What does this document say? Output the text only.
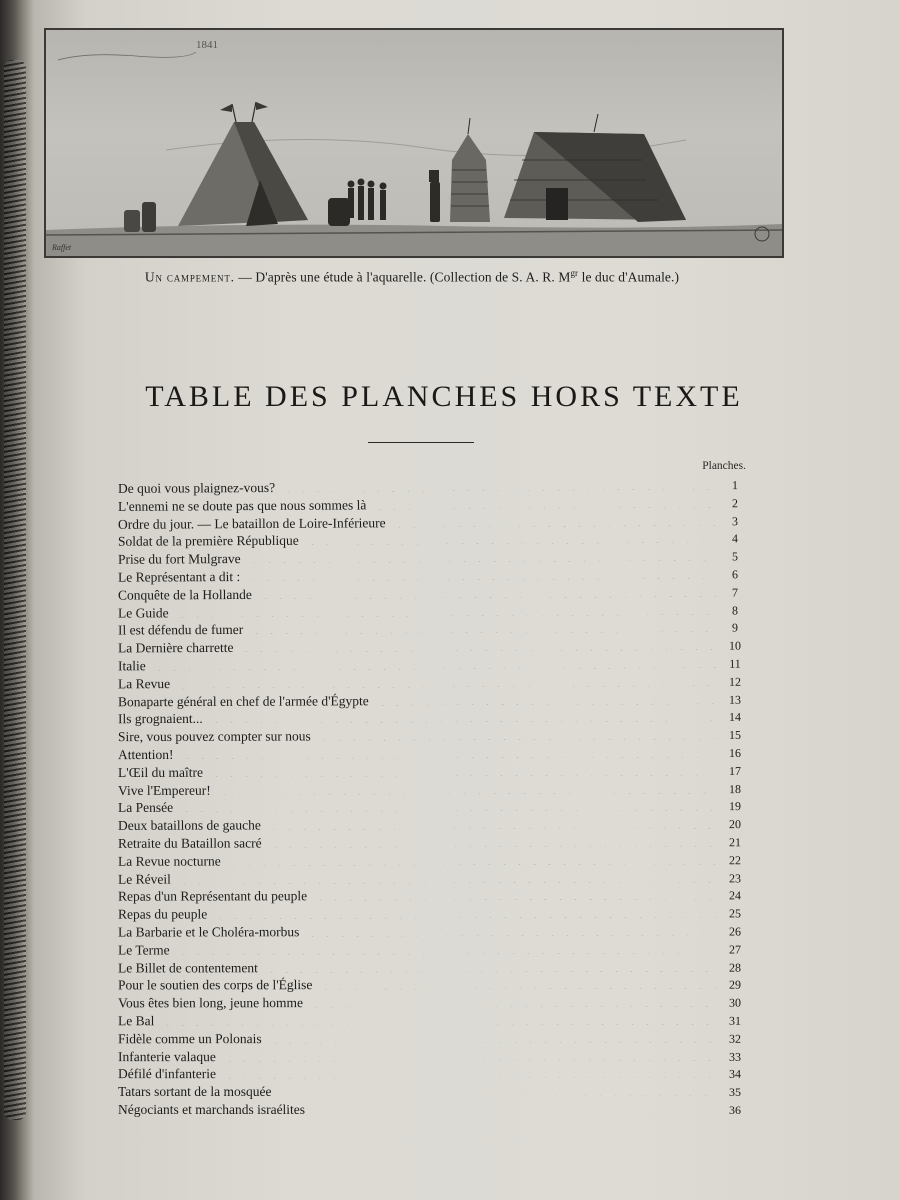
1841
Raffet
Un campement. — D'après une étude à l'aquarelle. (Collection de S. A. R. $M^{gr}$ le duc d'Aumale.)
TABLE DES PLANCHES HORS TEXTE
Planches.
De quoi vous plaignez-vous?	1
L'ennemi ne se doute pas que nous sommes là	2
Ordre du jour. — Le bataillon de Loire-Inférieure	3
Soldat de la première République	4
Prise du fort Mulgrave	5
Le Représentant a dit :	6
Conquête de la Hollande	7
Le Guide	8
Il est défendu de fumer	9
La Dernière charrette	10
Italie	11
La Revue	12
Bonaparte général en chef de l'armée d'Égypte	13
Ils grognaient...	14
Sire, vous pouvez compter sur nous	15
Attention!	16
L'Œil du maître	17
Vive l'Empereur!	18
La Pensée	19
Deux bataillons de gauche	20
Retraite du Bataillon sacré	21
La Revue nocturne	22
Le Réveil	23
Repas d'un Représentant du peuple	24
Repas du peuple	25
La Barbarie et le Choléra-morbus	26
Le Terme	27
Le Billet de contentement	28
Pour le soutien des corps de l'Église	29
Vous êtes bien long, jeune homme	30
Le Bal	31
Fidèle comme un Polonais	32
Infanterie valaque	33
Défilé d'infanterie	34
Tatars sortant de la mosquée	35
Négociants et marchands israélites	36
